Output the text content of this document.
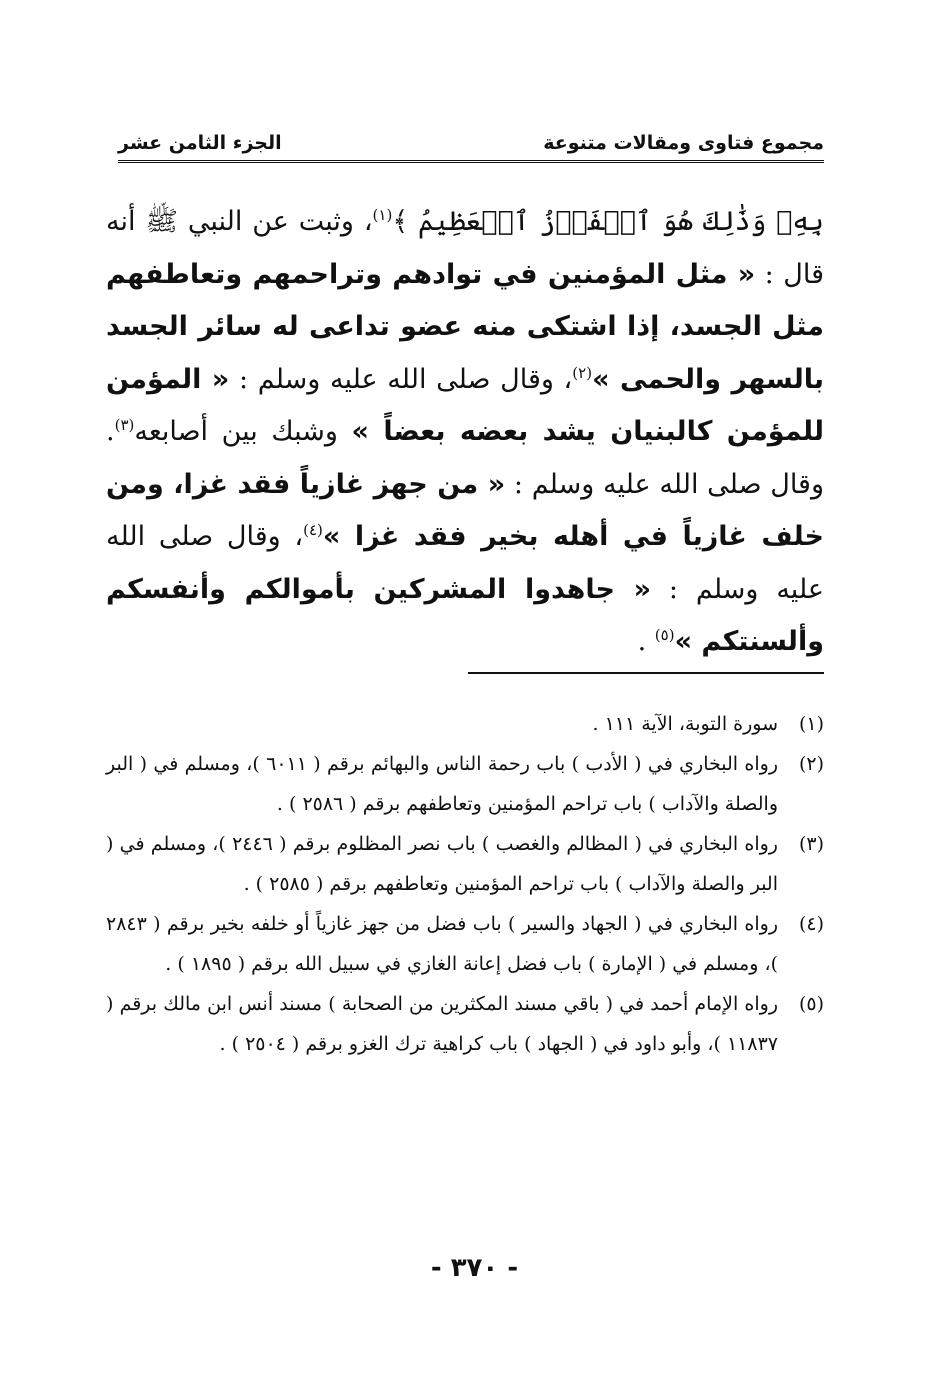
مجموع فتاوى ومقالات متنوعة
الجزء الثامن عشر
بِهِۦ وَذَٰلِكَ هُوَ ٱلۡفَوۡزُ ٱلۡعَظِيمُ ﴾$^{(١)}$، وثبت عن النبي ﷺ أنه قال : « مثل المؤمنين في توادهم وتراحمهم وتعاطفهم مثل الجسد، إذا اشتكى منه عضو تداعى له سائر الجسد بالسهر والحمى »$^{(٢)}$، وقال صلى الله عليه وسلم : « المؤمن للمؤمن كالبنيان يشد بعضه بعضاً » وشبك بين أصابعه$^{(٣)}$. وقال صلى الله عليه وسلم : « من جهز غازياً فقد غزا، ومن خلف غازياً في أهله بخير فقد غزا »$^{(٤)}$، وقال صلى الله عليه وسلم : « جاهدوا المشركين بأموالكم وأنفسكم وألسنتكم »$^{(٥)}$ .
(١)
سورة التوبة، الآية ١١١ .
(٢)
رواه البخاري في ( الأدب ) باب رحمة الناس والبهائم برقم ( ٦٠١١ )، ومسلم في ( البر والصلة والآداب ) باب تراحم المؤمنين وتعاطفهم برقم ( ٢٥٨٦ ) .
(٣)
رواه البخاري في ( المظالم والغصب ) باب نصر المظلوم برقم ( ٢٤٤٦ )، ومسلم في ( البر والصلة والآداب ) باب تراحم المؤمنين وتعاطفهم برقم ( ٢٥٨٥ ) .
(٤)
رواه البخاري في ( الجهاد والسير ) باب فضل من جهز غازياً أو خلفه بخير برقم ( ٢٨٤٣ )، ومسلم في ( الإمارة ) باب فضل إعانة الغازي في سبيل الله برقم ( ١٨٩٥ ) .
(٥)
رواه الإمام أحمد في ( باقي مسند المكثرين من الصحابة ) مسند أنس ابن مالك برقم ( ١١٨٣٧ )، وأبو داود في ( الجهاد ) باب كراهية ترك الغزو برقم ( ٢٥٠٤ ) .
- ٣٧٠ -
